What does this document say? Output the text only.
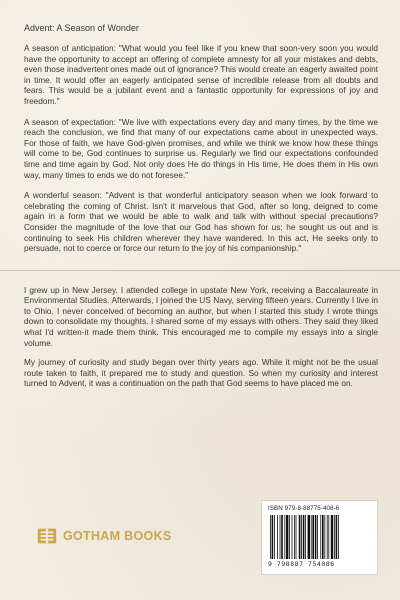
Advent: A Season of Wonder

A season of anticipation: "What would you feel like if you knew that soon-very soon you would have the opportunity to accept an offering of complete amnesty for all your mistakes and debts, even those inadvertent ones made out of ignorance? This would create an eagerly awaited point in time. It would offer an eagerly anticipated sense of incredible release from all doubts and fears. This would be a jubilant event and a fantastic opportunity for expressions of joy and freedom."

A season of expectation: "We live with expectations every day and many times, by the time we reach the conclusion, we find that many of our expectations came about in unexpected ways. For those of faith, we have God-given promises, and while we think we know how these things will come to be, God continues to surprise us. Regularly we find our expectations confounded time and time again by God. Not only does He do things in His time, He does them in His own way, many times to ends we do not foresee."

A wonderful season: "Advent is that wonderful anticipatory season when we look forward to celebrating the coming of Christ. Isn't it marvelous that God, after so long, deigned to come again in a form that we would be able to walk and talk with without special precautions? Consider the magnitude of the love that our God has shown for us; he sought us out and is continuing to seek His children wherever they have wandered. In this act, He seeks only to persuade, not to coerce or force our return to the joy of his companionship."

I grew up in New Jersey. I attended college in upstate New York, receiving a Baccalaureate in Environmental Studies. Afterwards, I joined the US Navy, serving fifteen years. Currently I live in to Ohio. I never conceived of becoming an author, but when I started this study I wrote things down to consolidate my thoughts. I shared some of my essays with others. They said they liked what I'd written-it made them think. This encouraged me to compile my essays into a single volume.

My journey of curiosity and study began over thirty years ago. While it might not be the usual route taken to faith, it prepared me to study and question. So when my curiosity and interest turned to Advent, it was a continuation on the path that God seems to have placed me on.

GOTHAM BOOKS
ISBN 979-8-88775-408-6
9 798887 754086
